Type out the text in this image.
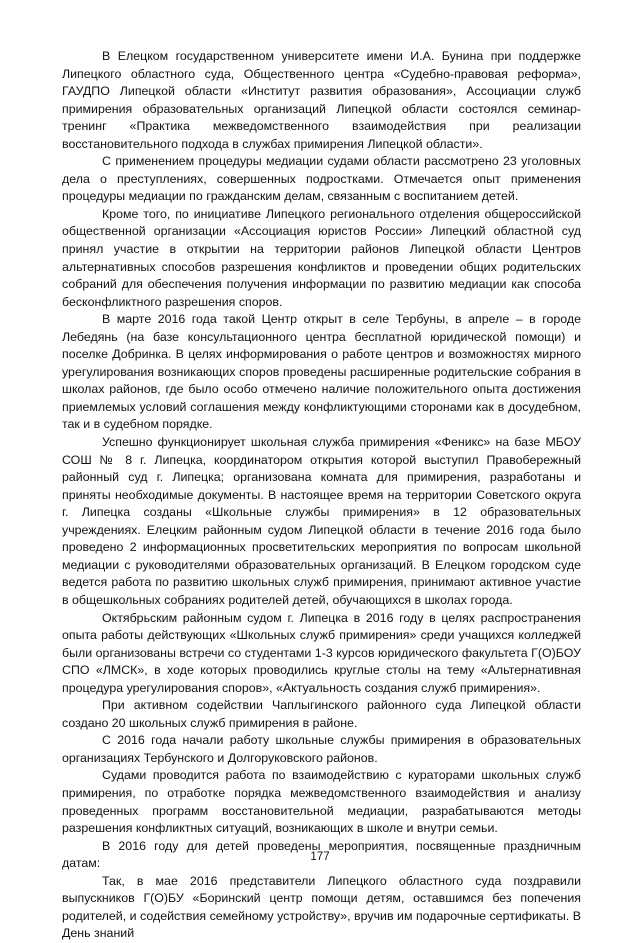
В Елецком государственном университете имени И.А. Бунина при поддержке Липецкого областного суда, Общественного центра «Судебно-правовая реформа», ГАУДПО Липецкой области «Институт развития образования», Ассоциации служб примирения образовательных организаций Липецкой области состоялся семинар-тренинг «Практика межведомственного взаимодействия при реализации восстановительного подхода в службах примирения Липецкой области».

С применением процедуры медиации судами области рассмотрено 23 уголовных дела о преступлениях, совершенных подростками. Отмечается опыт применения процедуры медиации по гражданским делам, связанным с воспитанием детей.

Кроме того, по инициативе Липецкого регионального отделения общероссийской общественной организации «Ассоциация юристов России» Липецкий областной суд принял участие в открытии на территории районов Липецкой области Центров альтернативных способов разрешения конфликтов и проведении общих родительских собраний для обеспечения получения информации по развитию медиации как способа бесконфликтного разрешения споров.

В марте 2016 года такой Центр открыт в селе Тербуны, в апреле – в городе Лебедянь (на базе консультационного центра бесплатной юридической помощи) и поселке Добринка. В целях информирования о работе центров и возможностях мирного урегулирования возникающих споров проведены расширенные родительские собрания в школах районов, где было особо отмечено наличие положительного опыта достижения приемлемых условий соглашения между конфликтующими сторонами как в досудебном, так и в судебном порядке.

Успешно функционирует школьная служба примирения «Феникс» на базе МБОУ СОШ № 8 г. Липецка, координатором открытия которой выступил Правобережный районный суд г. Липецка; организована комната для примирения, разработаны и приняты необходимые документы. В настоящее время на территории Советского округа г. Липецка созданы «Школьные службы примирения» в 12 образовательных учреждениях. Елецким районным судом Липецкой области в течение 2016 года было проведено 2 информационных просветительских мероприятия по вопросам школьной медиации с руководителями образовательных организаций. В Елецком городском суде ведется работа по развитию школьных служб примирения, принимают активное участие в общешкольных собраниях родителей детей, обучающихся в школах города.

Октябрьским районным судом г. Липецка в 2016 году в целях распространения опыта работы действующих «Школьных служб примирения» среди учащихся колледжей были организованы встречи со студентами 1-3 курсов юридического факультета Г(О)БОУ СПО «ЛМСК», в ходе которых проводились круглые столы на тему «Альтернативная процедура урегулирования споров», «Актуальность создания служб примирения».

При активном содействии Чаплыгинского районного суда Липецкой области создано 20 школьных служб примирения в районе.

С 2016 года начали работу школьные службы примирения в образовательных организациях Тербунского и Долгоруковского районов.

Судами проводится работа по взаимодействию с кураторами школьных служб примирения, по отработке порядка межведомственного взаимодействия и анализу проведенных программ восстановительной медиации, разрабатываются методы разрешения конфликтных ситуаций, возникающих в школе и внутри семьи.

В 2016 году для детей проведены мероприятия, посвященные праздничным датам:

Так, в мае 2016 представители Липецкого областного суда поздравили выпускников Г(О)БУ «Боринский центр помощи детям, оставшимся без попечения родителей, и содействия семейному устройству», вручив им подарочные сертификаты. В День знаний

177
